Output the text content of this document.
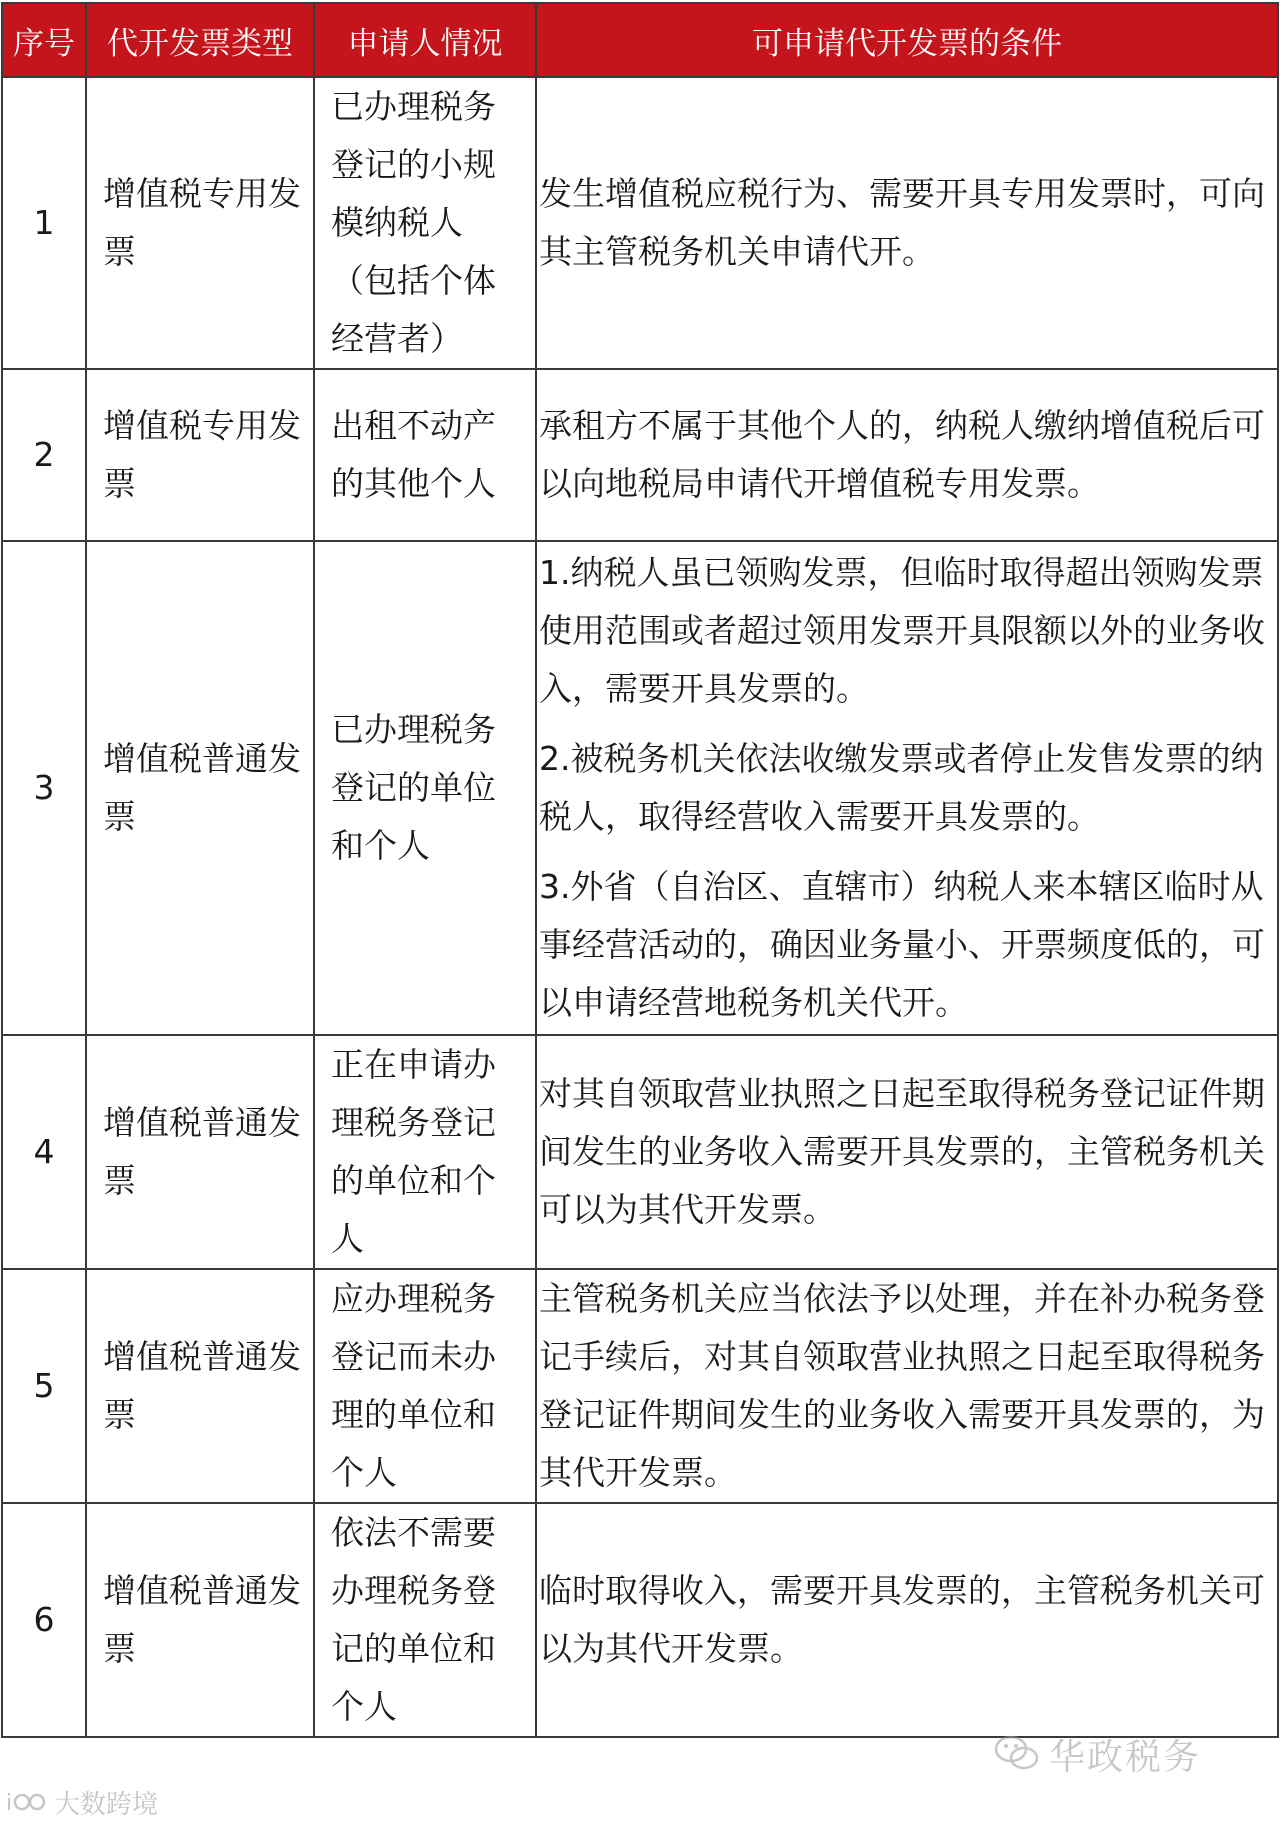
序号	代开发票类型	申请人情况	可申请代开发票的条件
1	增值税专用发票	已办理税务登记的小规模纳税人（包括个体经营者）	发生增值税应税行为、需要开具专用发票时，可向其主管税务机关申请代开。

2	增值税专用发票	出租不动产的其他个人	承租方不属于其他个人的，纳税人缴纳增值税后可以向地税局申请代开增值税专用发票。

3	增值税普通发票	已办理税务登记的单位和个人	1.纳税人虽已领购发票，但临时取得超出领购发票使用范围或者超过领用发票开具限额以外的业务收入，需要开具发票的。

2.被税务机关依法收缴发票或者停止发售发票的纳税人，取得经营收入需要开具发票的。

3.外省（自治区、直辖市）纳税人来本辖区临时从事经营活动的，确因业务量小、开票频度低的，可以申请经营地税务机关代开。

4	增值税普通发票	正在申请办理税务登记的单位和个人	对其自领取营业执照之日起至取得税务登记证件期间发生的业务收入需要开具发票的，主管税务机关可以为其代开发票。

5	增值税普通发票	应办理税务登记而未办理的单位和个人	主管税务机关应当依法予以处理，并在补办税务登记手续后，对其自领取营业执照之日起至取得税务登记证件期间发生的业务收入需要开具发票的，为其代开发票。

6	增值税普通发票	依法不需要办理税务登记的单位和个人	临时取得收入，需要开具发票的，主管税务机关可以为其代开发票。

华政税务
i 大数跨境
